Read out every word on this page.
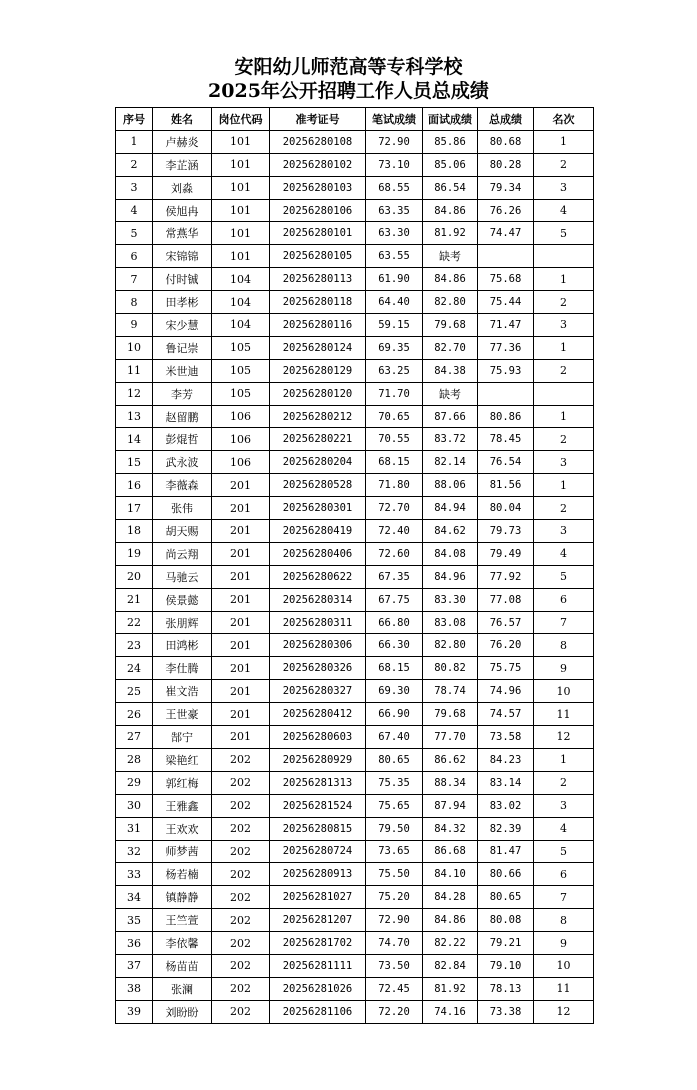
安阳幼儿师范高等专科学校
2025年公开招聘工作人员总成绩
序号	姓名	岗位代码	准考证号	笔试成绩	面试成绩	总成绩	名次
1	卢赫炎	101	20256280108	72.90	85.86	80.68	1
2	李芷涵	101	20256280102	73.10	85.06	80.28	2
3	刘淼	101	20256280103	68.55	86.54	79.34	3
4	侯旭冉	101	20256280106	63.35	84.86	76.26	4
5	常燕华	101	20256280101	63.30	81.92	74.47	5
6	宋锦锦	101	20256280105	63.55	缺考		
7	付时铖	104	20256280113	61.90	84.86	75.68	1
8	田孝彬	104	20256280118	64.40	82.80	75.44	2
9	宋少慧	104	20256280116	59.15	79.68	71.47	3
10	鲁记崇	105	20256280124	69.35	82.70	77.36	1
11	米世迪	105	20256280129	63.25	84.38	75.93	2
12	李芳	105	20256280120	71.70	缺考		
13	赵留鹏	106	20256280212	70.65	87.66	80.86	1
14	彭焜哲	106	20256280221	70.55	83.72	78.45	2
15	武永波	106	20256280204	68.15	82.14	76.54	3
16	李薇森	201	20256280528	71.80	88.06	81.56	1
17	张伟	201	20256280301	72.70	84.94	80.04	2
18	胡天赐	201	20256280419	72.40	84.62	79.73	3
19	尚云翔	201	20256280406	72.60	84.08	79.49	4
20	马驰云	201	20256280622	67.35	84.96	77.92	5
21	侯景懿	201	20256280314	67.75	83.30	77.08	6
22	张朋辉	201	20256280311	66.80	83.08	76.57	7
23	田鸿彬	201	20256280306	66.30	82.80	76.20	8
24	李仕腾	201	20256280326	68.15	80.82	75.75	9
25	崔文浩	201	20256280327	69.30	78.74	74.96	10
26	王世豪	201	20256280412	66.90	79.68	74.57	11
27	郜宁	201	20256280603	67.40	77.70	73.58	12
28	梁艳红	202	20256280929	80.65	86.62	84.23	1
29	郭红梅	202	20256281313	75.35	88.34	83.14	2
30	王雅鑫	202	20256281524	75.65	87.94	83.02	3
31	王欢欢	202	20256280815	79.50	84.32	82.39	4
32	师梦茜	202	20256280724	73.65	86.68	81.47	5
33	杨若楠	202	20256280913	75.50	84.10	80.66	6
34	镇静静	202	20256281027	75.20	84.28	80.65	7
35	王竺萱	202	20256281207	72.90	84.86	80.08	8
36	李依馨	202	20256281702	74.70	82.22	79.21	9
37	杨苗苗	202	20256281111	73.50	82.84	79.10	10
38	张澜	202	20256281026	72.45	81.92	78.13	11
39	刘盼盼	202	20256281106	72.20	74.16	73.38	12
